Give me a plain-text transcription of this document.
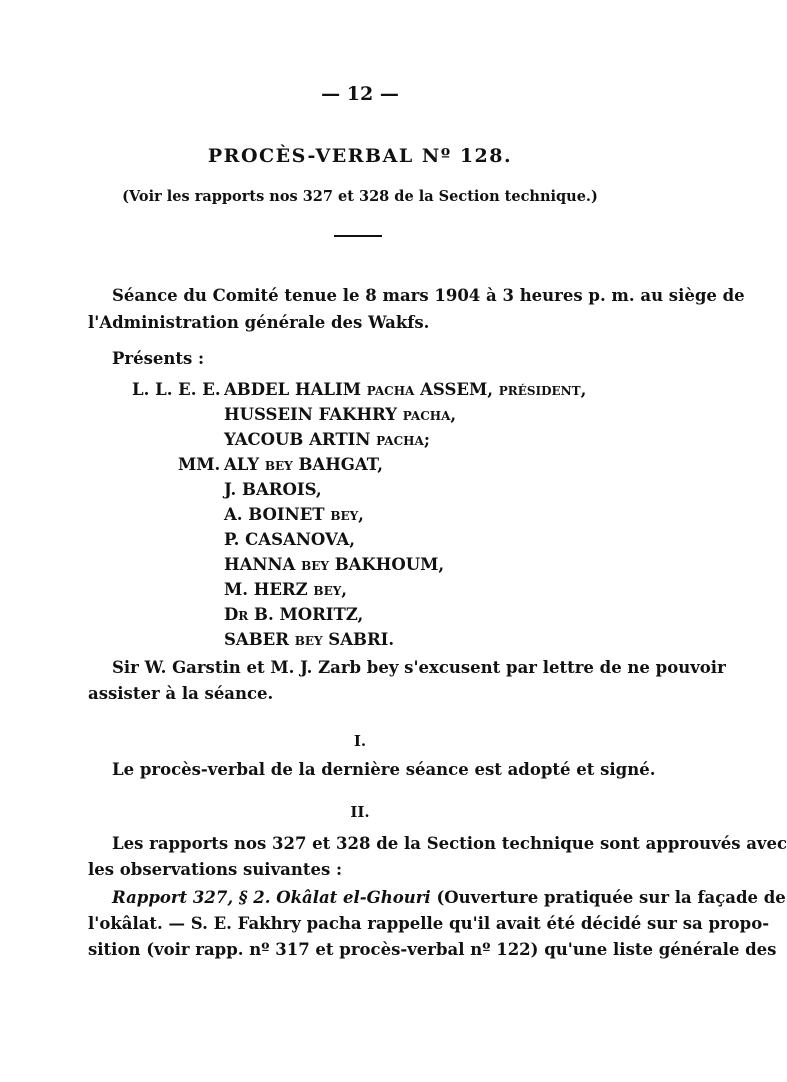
— 12 —
PROCÈS-VERBAL Nº 128.
(Voir les rapports nos 327 et 328 de la Section technique.)
Séance du Comité tenue le 8 mars 1904 à 3 heures p. m. au siège de
l'Administration générale des Wakfs.
Présents :
L. L. E. E. ABDEL HALIM pacha ASSEM, président,
HUSSEIN FAKHRY pacha,
YACOUB ARTIN pacha;
MM. ALY bey BAHGAT,
J. BAROIS,
A. BOINET bey,
P. CASANOVA,
HANNA bey BAKHOUM,
M. HERZ bey,
Dr B. MORITZ,
SABER bey SABRI.
Sir W. Garstin et M. J. Zarb bey s'excusent par lettre de ne pouvoir
assister à la séance.
I.
Le procès-verbal de la dernière séance est adopté et signé.
II.
Les rapports nos 327 et 328 de la Section technique sont approuvés avec
les observations suivantes :
Rapport 327, § 2. Okâlat el-Ghouri (Ouverture pratiquée sur la façade de
l'okâlat. — S. E. Fakhry pacha rappelle qu'il avait été décidé sur sa propo-
sition (voir rapp. nº 317 et procès-verbal nº 122) qu'une liste générale des
